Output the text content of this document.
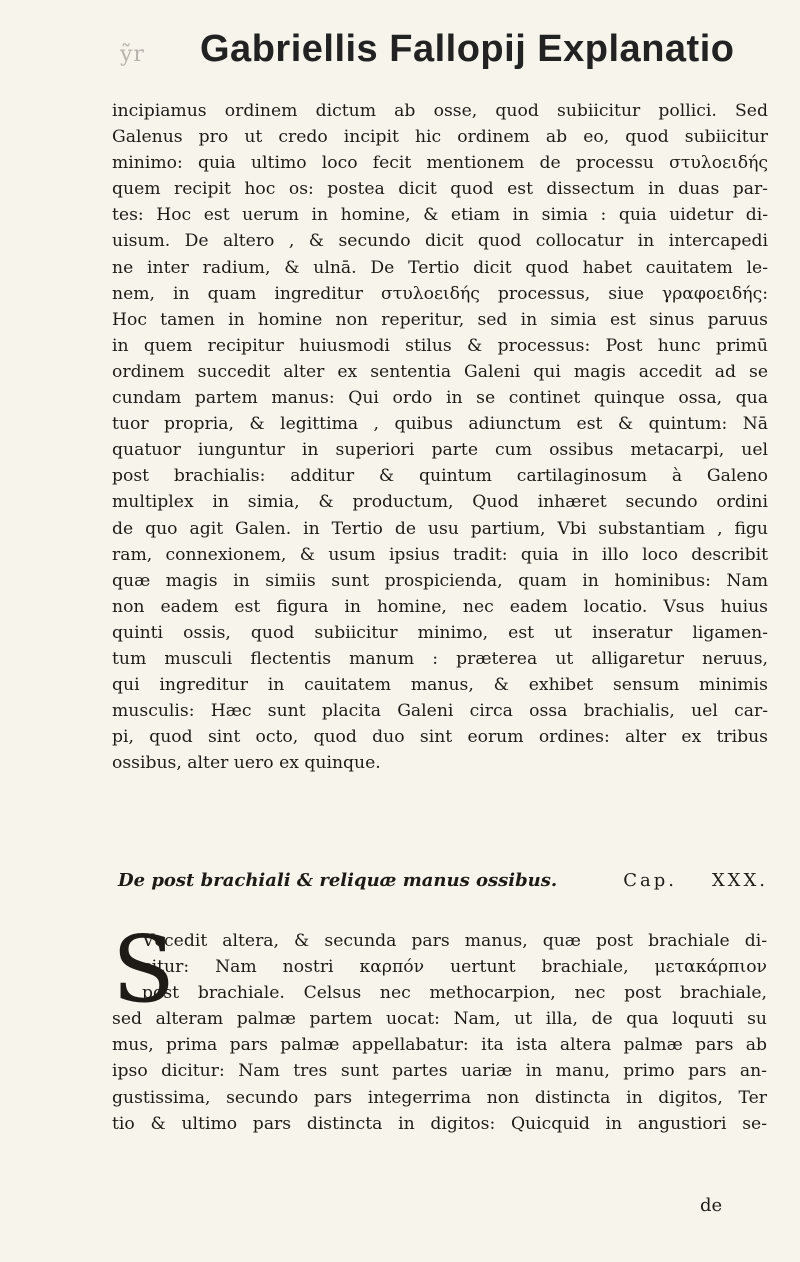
ỹr Gabriellis Fallopij Explanatio
incipiamus ordinem dictum ab osse, quod subiicitur pollici. Sed
Galenus pro ut credo incipit hic ordinem ab eo, quod subiicitur
minimo: quia ultimo loco fecit mentionem de processu στυλοειδής
quem recipit hoc os: postea dicit quod est dissectum in duas par-
tes: Hoc est uerum in homine, & etiam in simia : quia uidetur di-
uisum. De altero , & secundo dicit quod collocatur in intercapedi
ne inter radium, & ulnā. De Tertio dicit quod habet cauitatem le-
nem, in quam ingreditur στυλοειδής processus, siue γραφοειδής:
Hoc tamen in homine non reperitur, sed in simia est sinus paruus
in quem recipitur huiusmodi stilus & processus: Post hunc primū
ordinem succedit alter ex sententia Galeni qui magis accedit ad se
cundam partem manus: Qui ordo in se continet quinque ossa, qua
tuor propria, & legittima , quibus adiunctum est & quintum: Nā
quatuor iunguntur in superiori parte cum ossibus metacarpi, uel
post brachialis: additur & quintum cartilaginosum à Galeno
multiplex in simia, & productum, Quod inhæret secundo ordini
de quo agit Galen. in Tertio de usu partium, Vbi substantiam , figu
ram, connexionem, & usum ipsius tradit: quia in illo loco describit
quæ magis in simiis sunt prospicienda, quam in hominibus: Nam
non eadem est figura in homine, nec eadem locatio. Vsus huius
quinti ossis, quod subiicitur minimo, est ut inseratur ligamen-
tum musculi flectentis manum : præterea ut alligaretur neruus,
qui ingreditur in cauitatem manus, & exhibet sensum minimis
musculis: Hæc sunt placita Galeni circa ossa brachialis, uel car-
pi, quod sint octo, quod duo sint eorum ordines: alter ex tribus
ossibus, alter uero ex quinque.
De post brachiali & reliquæ manus ossibus.	Cap. XXX.
S
Vccedit altera, & secunda pars manus, quæ post brachiale di-
citur: Nam nostri καρπόν uertunt brachiale, μετακάρπιον
post brachiale. Celsus nec methocarpion, nec post brachiale,
sed alteram palmæ partem uocat: Nam, ut illa, de qua loquuti su
mus, prima pars palmæ appellabatur: ita ista altera palmæ pars ab
ipso dicitur: Nam tres sunt partes uariæ in manu, primo pars an-
gustissima, secundo pars integerrima non distincta in digitos, Ter
tio & ultimo pars distincta in digitos: Quicquid in angustiori se-
de
